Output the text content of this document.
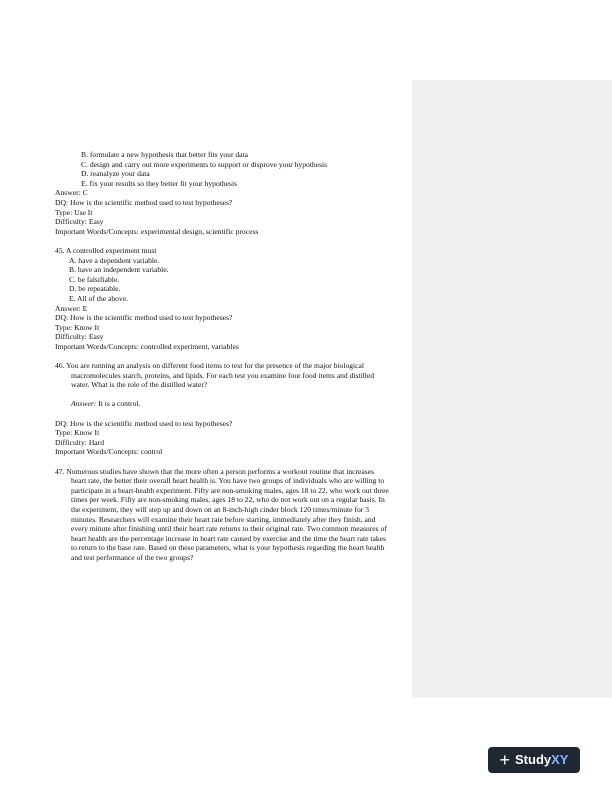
B. formulate a new hypothesis that better fits your data
C. design and carry out more experiments to support or disprove your hypothesis
D. reanalyze your data
E. fix your results so they better fit your hypothesis
Answer: C
DQ: How is the scientific method used to test hypotheses?
Type: Use It
Difficulty: Easy
Important Words/Concepts: experimental design, scientific process
45. A controlled experiment must
A. have a dependent variable.
B. have an independent variable.
C. be falsifiable.
D. be repeatable.
E. All of the above.
Answer: E
DQ: How is the scientific method used to test hypotheses?
Type: Know It
Difficulty: Easy
Important Words/Concepts: controlled experiment, variables
46. You are running an analysis on different food items to test for the presence of the major biological macromolecules starch, proteins, and lipids. For each test you examine four food items and distilled water. What is the role of the distilled water?
Answer: It is a control.
DQ: How is the scientific method used to test hypotheses?
Type: Know It
Difficulty: Hard
Important Words/Concepts: control
47. Numerous studies have shown that the more often a person performs a workout routine that increases heart rate, the better their overall heart health is. You have two groups of individuals who are willing to participate in a heart-health experiment. Fifty are non-smoking males, ages 18 to 22, who work out three times per week. Fifty are non-smoking males, ages 18 to 22, who do not work out on a regular basis. In the experiment, they will step up and down on an 8-inch-high cinder block 120 times/minute for 3 minutes. Researchers will examine their heart rate before starting, immediately after they finish, and every minute after finishing until their heart rate returns to their original rate. Two common measures of heart health are the percentage increase in heart rate caused by exercise and the time the heart rate takes to return to the base rate. Based on these parameters, what is your hypothesis regarding the heart health and test performance of the two groups?
+ Study XY
